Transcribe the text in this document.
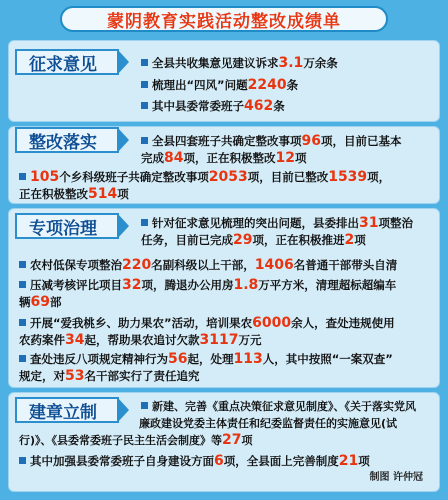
蒙阴教育实践活动整改成绩单
征求意见	全县共收集意见建议诉求3.1万余条
梳理出“四风”问题2240条
其中县委常委班子462条
整改落实	全县四套班子共确定整改事项96项，目前已基本
完成84项，正在积极整改12项
105个乡科级班子共确定整改事项2053项，目前已整改1539项，
正在积极整改514项
专项治理	针对征求意见梳理的突出问题，县委排出31项整治
任务，目前已完成29项，正在积极推进2项
农村低保专项整治220名副科级以上干部，1406名普通干部带头自清
压减考核评比项目32项，腾退办公用房1.8万平方米，清理超标超编车
辆69部
开展“爱我桃乡、助力果农”活动，培训果农6000余人，查处违规使用
农药案件34起，帮助果农追讨欠款3117万元
查处违反八项规定精神行为56起，处理113人，其中按照“一案双查”
规定，对53名干部实行了责任追究
建章立制	新建、完善《重点决策征求意见制度》、《关于落实党风
廉政建设党委主体责任和纪委监督责任的实施意见(试
行)》、《县委常委班子民主生活会制度》等27项
其中加强县委常委班子自身建设方面6项，全县面上完善制度21项
制图 许仲冠
